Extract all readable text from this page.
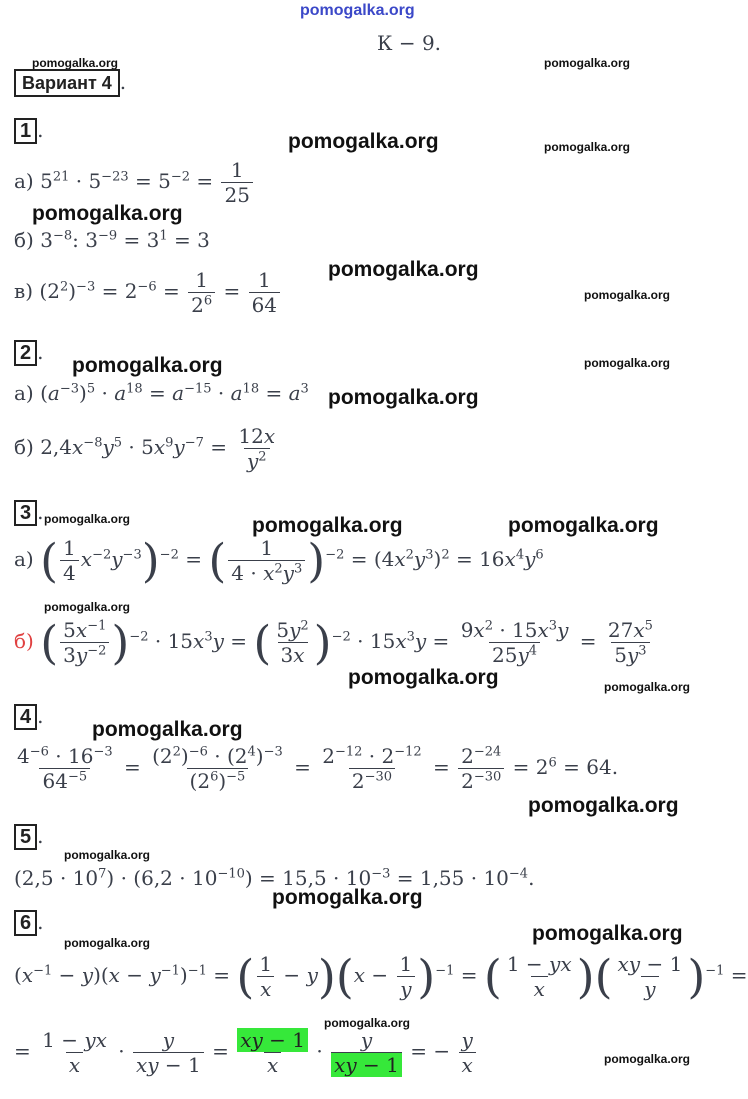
pomogalka.org
К − 9.
pomogalka.org	pomogalka.org
pomogalka.org	pomogalka.org
pomogalka.org
pomogalka.org
pomogalka.org
pomogalka.org	pomogalka.org
pomogalka.org
pomogalka.org	pomogalka.org	pomogalka.org
pomogalka.org
pomogalka.org	pomogalka.org
pomogalka.org
pomogalka.org
pomogalka.org
pomogalka.org
pomogalka.org
pomogalka.org
pomogalka.org
pomogalka.org
Вариант 4 .
1 .
а) $5^{21} \cdot 5^{-23} = 5^{-2} = \frac{1}{25}$
б) $3^{-8}$: $3^{-9} = 3^1 = 3$
в) $(2^2)^{-3} = 2^{-6} = \frac{1}{2^6} = \frac{1}{64}$
2 .
а) $(a^{-3})^5 \cdot a^{18} = a^{-15} \cdot a^{18} = a^3$
б) $2,4x^{-8}y^5 \cdot 5x^9y^{-7} = \frac{12x}{y^2}$
3 .
а) ( $\frac{1}{4} x^{-2}y^{-3})^{-2}$ = ( $\frac{1}{4 \cdot x^2y^3} )^{-2} = (4x^2y^3)^2 = 16x^4y^6$
б) ( $\frac{5x^{-1}}{3y^{-2}} )^{-2} \cdot 15x^3y$ = ( $\frac{5y^2}{3x} )^{-2} \cdot 15x^3y = \frac{9x^2 \cdot 15x^3y}{25y^4} = \frac{27x^5}{5y^3}$
4 .
$\frac{4^{-6} \cdot 16^{-3}}{64^{-5}} = \frac{(2^2)^{-6} \cdot (2^4)^{-3}}{(2^6)^{-5}} = \frac{2^{-12} \cdot 2^{-12}}{2^{-30}} = \frac{2^{-24}}{2^{-30}} = 2^6 = 64$.
5 .
$(2,5 \cdot 10^7) \cdot (6,2 \cdot 10^{-10}) = 15,5 \cdot 10^{-3} = 1,55 \cdot 10^{-4}$.
6 .
$(x^{-1} - y)(x - y^{-1})^{-1}$ = ( $\frac{1}{x} - y)(x - \frac{1}{y} )^{-1}$ = ( $\frac{1 - yx}{x}$ )( $\frac{xy - 1}{y} )^{-1}$ =
= $\frac{1 - yx}{x} \cdot \frac{y}{xy - 1} = \frac{xy - 1}{x} \cdot \frac{y}{xy - 1}$ = − $\frac{y}{x}$
